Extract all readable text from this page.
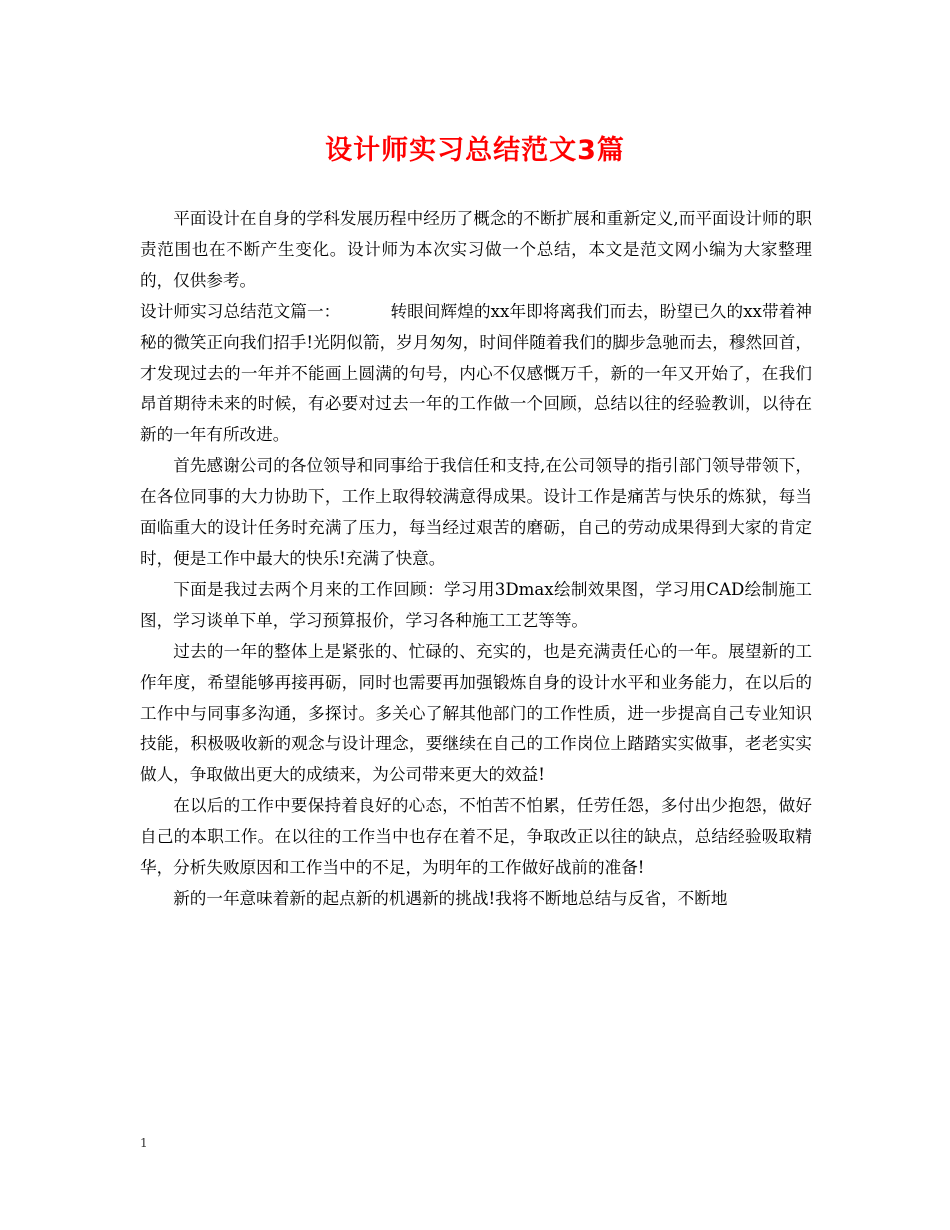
设计师实习总结范文3篇

平面设计在自身的学科发展历程中经历了概念的不断扩展和重新定义,而平面设计师的职责范围也在不断产生变化。设计师为本次实习做一个总结，本文是范文网小编为大家整理的，仅供参考。

设计师实习总结范文篇一：	转眼间辉煌的xx年即将离我们而去，盼望已久的xx带着神秘的微笑正向我们招手!光阴似箭，岁月匆匆，时间伴随着我们的脚步急驰而去，穆然回首，才发现过去的一年并不能画上圆满的句号，内心不仅感慨万千，新的一年又开始了，在我们昂首期待未来的时候，有必要对过去一年的工作做一个回顾，总结以往的经验教训，以待在新的一年有所改进。

首先感谢公司的各位领导和同事给于我信任和支持,在公司领导的指引部门领导带领下，在各位同事的大力协助下，工作上取得较满意得成果。设计工作是痛苦与快乐的炼狱，每当面临重大的设计任务时充满了压力，每当经过艰苦的磨砺，自己的劳动成果得到大家的肯定时，便是工作中最大的快乐!充满了快意。

下面是我过去两个月来的工作回顾：学习用3Dmax绘制效果图，学习用CAD绘制施工图，学习谈单下单，学习预算报价，学习各种施工工艺等等。

过去的一年的整体上是紧张的、忙碌的、充实的，也是充满责任心的一年。展望新的工作年度，希望能够再接再砺，同时也需要再加强锻炼自身的设计水平和业务能力，在以后的工作中与同事多沟通，多探讨。多关心了解其他部门的工作性质，进一步提高自己专业知识技能，积极吸收新的观念与设计理念，要继续在自己的工作岗位上踏踏实实做事，老老实实做人，争取做出更大的成绩来，为公司带来更大的效益!

在以后的工作中要保持着良好的心态，不怕苦不怕累，任劳任怨，多付出少抱怨，做好自己的本职工作。在以往的工作当中也存在着不足，争取改正以往的缺点，总结经验吸取精华，分析失败原因和工作当中的不足，为明年的工作做好战前的准备!

新的一年意味着新的起点新的机遇新的挑战!我将不断地总结与反省，不断地

1
